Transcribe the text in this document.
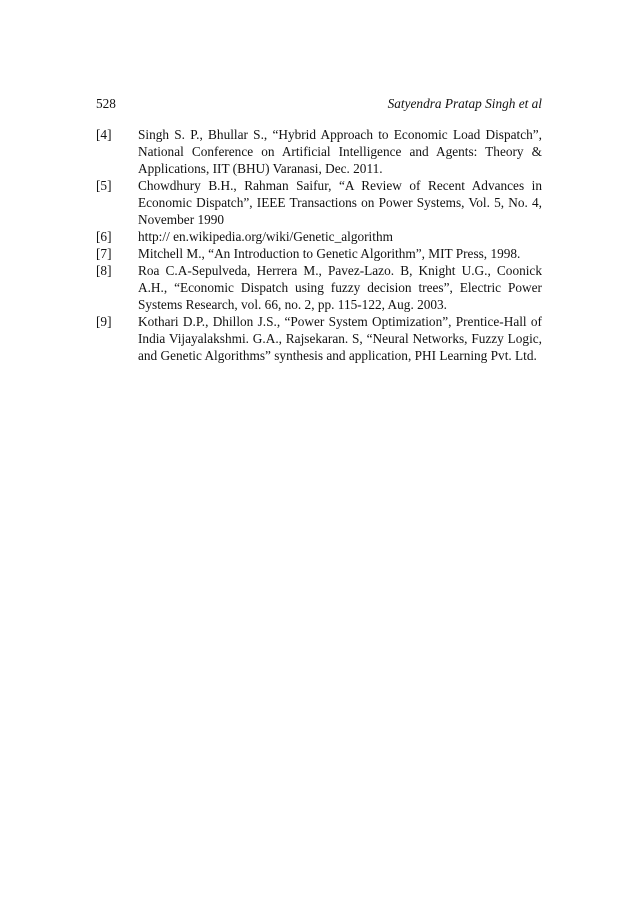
528	Satyendra Pratap Singh et al
[4]	Singh S. P., Bhullar S., “Hybrid Approach to Economic Load Dispatch”, National Conference on Artificial Intelligence and Agents: Theory & Applications, IIT (BHU) Varanasi, Dec. 2011.
[5]	Chowdhury B.H., Rahman Saifur, “A Review of Recent Advances in Economic Dispatch”, IEEE Transactions on Power Systems, Vol. 5, No. 4, November 1990
[6]	http:// en.wikipedia.org/wiki/Genetic_algorithm
[7]	Mitchell M., “An Introduction to Genetic Algorithm”, MIT Press, 1998.
[8]	Roa C.A-Sepulveda, Herrera M., Pavez-Lazo. B, Knight U.G., Coonick A.H., “Economic Dispatch using fuzzy decision trees”, Electric Power Systems Research, vol. 66, no. 2, pp. 115-122, Aug. 2003.
[9]	Kothari D.P., Dhillon J.S., “Power System Optimization”, Prentice-Hall of India Vijayalakshmi. G.A., Rajsekaran. S, “Neural Networks, Fuzzy Logic, and Genetic Algorithms” synthesis and application, PHI Learning Pvt. Ltd.
